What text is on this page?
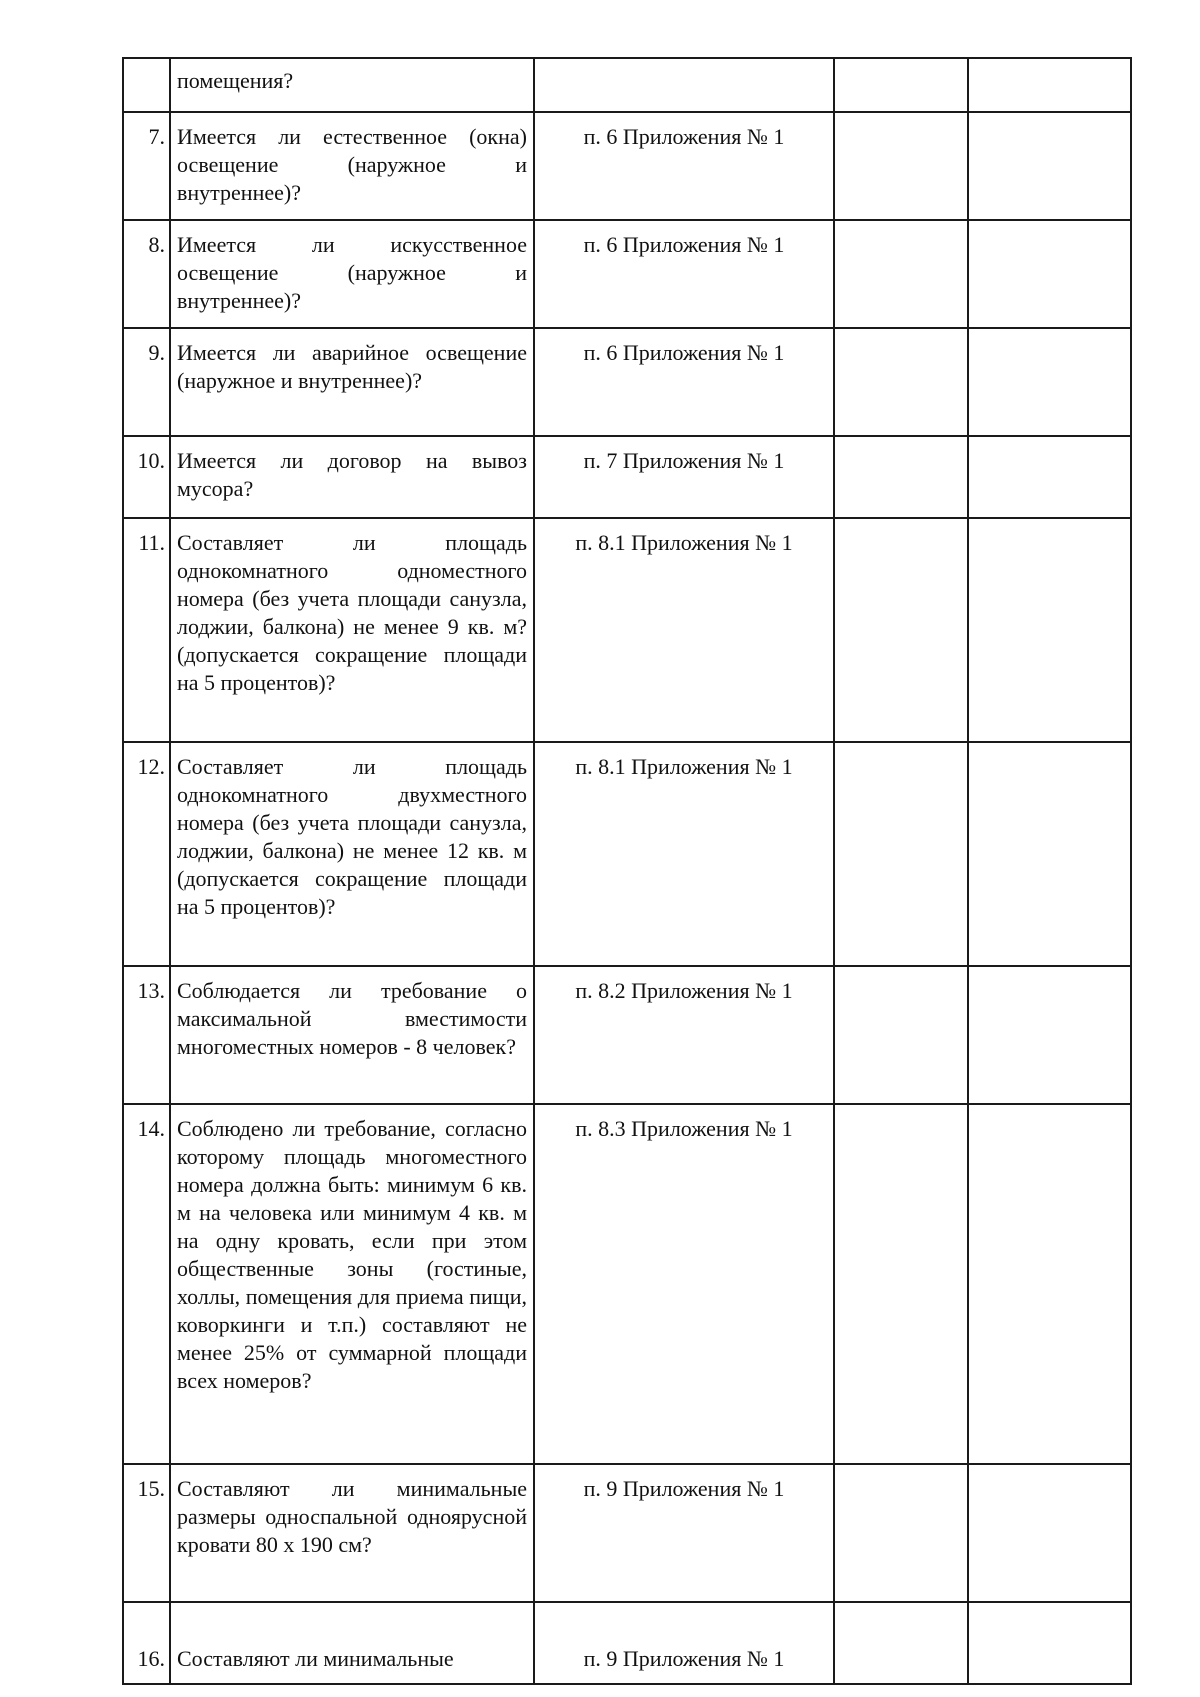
	помещения?			
7.	Имеется ли естественное (окна) освещение (наружное и внутреннее)?	п. 6 Приложения № 1		
8.	Имеется ли искусственное освещение (наружное и внутреннее)?	п. 6 Приложения № 1		
9.	Имеется ли аварийное освещение (наружное и внутреннее)?	п. 6 Приложения № 1		
10.	Имеется ли договор на вывоз мусора?	п. 7 Приложения № 1		
11.	Составляет ли площадь однокомнатного одноместного номера (без учета площади санузла, лоджии, балкона) не менее 9 кв. м? (допускается сокращение площади на 5 процентов)?	п. 8.1 Приложения № 1		
12.	Составляет ли площадь однокомнатного двухместного номера (без учета площади санузла, лоджии, балкона) не менее 12 кв. м (допускается сокращение площади на 5 процентов)?	п. 8.1 Приложения № 1		
13.	Соблюдается ли требование о максимальной вместимости многоместных номеров - 8 человек?	п. 8.2 Приложения № 1		
14.	Соблюдено ли требование, согласно которому площадь многоместного номера должна быть: минимум 6 кв. м на человека или минимум 4 кв. м на одну кровать, если при этом общественные зоны (гостиные, холлы, помещения для приема пищи, коворкинги и т.п.) составляют не менее 25% от суммарной площади всех номеров?	п. 8.3 Приложения № 1		
15.	Составляют ли минимальные размеры односпальной одноярусной кровати 80 х 190 см?	п. 9 Приложения № 1		
16.	Составляют ли минимальные	п. 9 Приложения № 1		
